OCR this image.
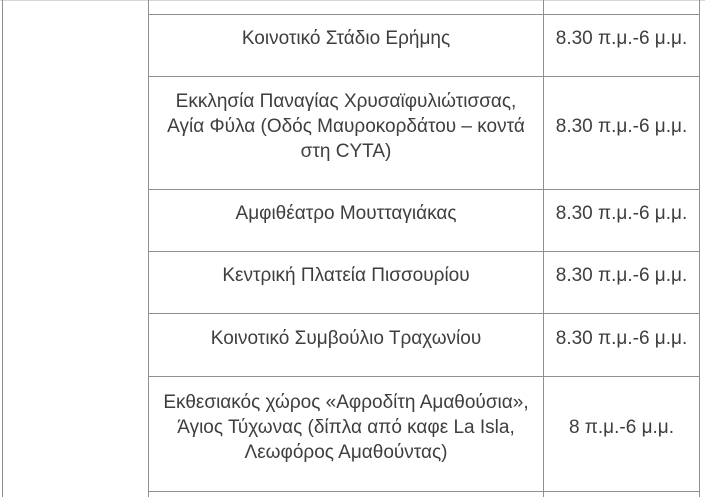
	Κοινοτικό Στάδιο Ερήμης	8.30 π.μ.-6 μ.μ.
	Εκκλησία Παναγίας Χρυσαϊφυλιώτισσας, Αγία Φύλα (Οδός Μαυροκορδάτου – κοντά στη CYTA)	8.30 π.μ.-6 μ.μ.
	Αμφιθέατρο Μουτταγιάκας	8.30 π.μ.-6 μ.μ.
	Κεντρική Πλατεία Πισσουρίου	8.30 π.μ.-6 μ.μ.
	Κοινοτικό Συμβούλιο Τραχωνίου	8.30 π.μ.-6 μ.μ.
	Εκθεσιακός χώρος «Αφροδίτη Αμαθούσια», Άγιος Τύχωνας (δίπλα από καφε La Isla, Λεωφόρος Αμαθούντας)	8 π.μ.-6 μ.μ.
